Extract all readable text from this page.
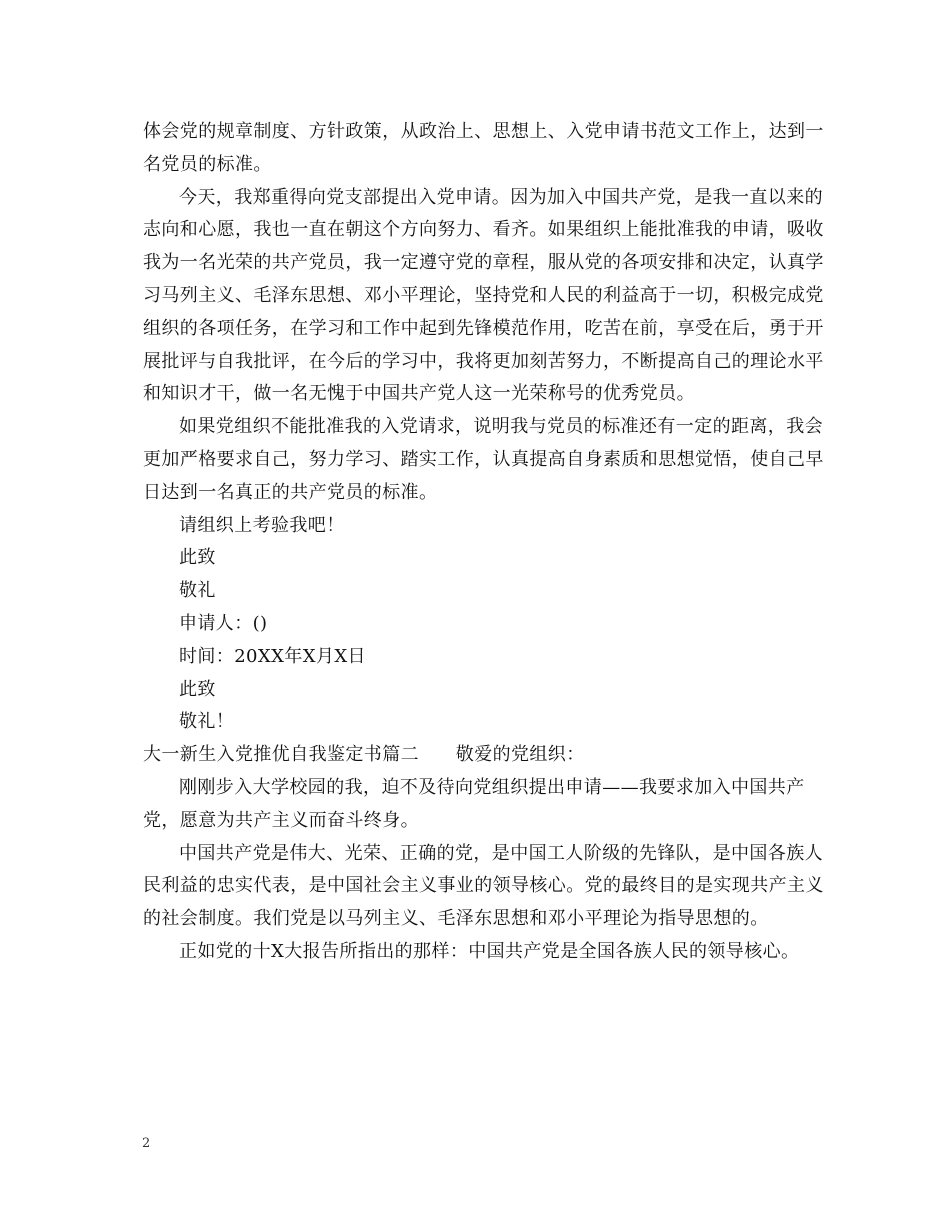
体会党的规章制度、方针政策，从政治上、思想上、入党申请书范文工作上，达到一名党员的标准。

今天，我郑重得向党支部提出入党申请。因为加入中国共产党，是我一直以来的志向和心愿，我也一直在朝这个方向努力、看齐。如果组织上能批准我的申请，吸收我为一名光荣的共产党员，我一定遵守党的章程，服从党的各项安排和决定，认真学习马列主义、毛泽东思想、邓小平理论，坚持党和人民的利益高于一切，积极完成党组织的各项任务，在学习和工作中起到先锋模范作用，吃苦在前，享受在后，勇于开展批评与自我批评，在今后的学习中，我将更加刻苦努力，不断提高自己的理论水平和知识才干，做一名无愧于中国共产党人这一光荣称号的优秀党员。

如果党组织不能批准我的入党请求，说明我与党员的标准还有一定的距离，我会更加严格要求自己，努力学习、踏实工作，认真提高自身素质和思想觉悟，使自己早日达到一名真正的共产党员的标准。

请组织上考验我吧！

此致

敬礼

申请人：()

时间：20XX年X月X日

此致

敬礼！

大一新生入党推优自我鉴定书篇二　　敬爱的党组织：

刚刚步入大学校园的我，迫不及待向党组织提出申请——我要求加入中国共产党，愿意为共产主义而奋斗终身。

中国共产党是伟大、光荣、正确的党，是中国工人阶级的先锋队，是中国各族人民利益的忠实代表，是中国社会主义事业的领导核心。党的最终目的是实现共产主义的社会制度。我们党是以马列主义、毛泽东思想和邓小平理论为指导思想的。

正如党的十X大报告所指出的那样：中国共产党是全国各族人民的领导核心。

2
